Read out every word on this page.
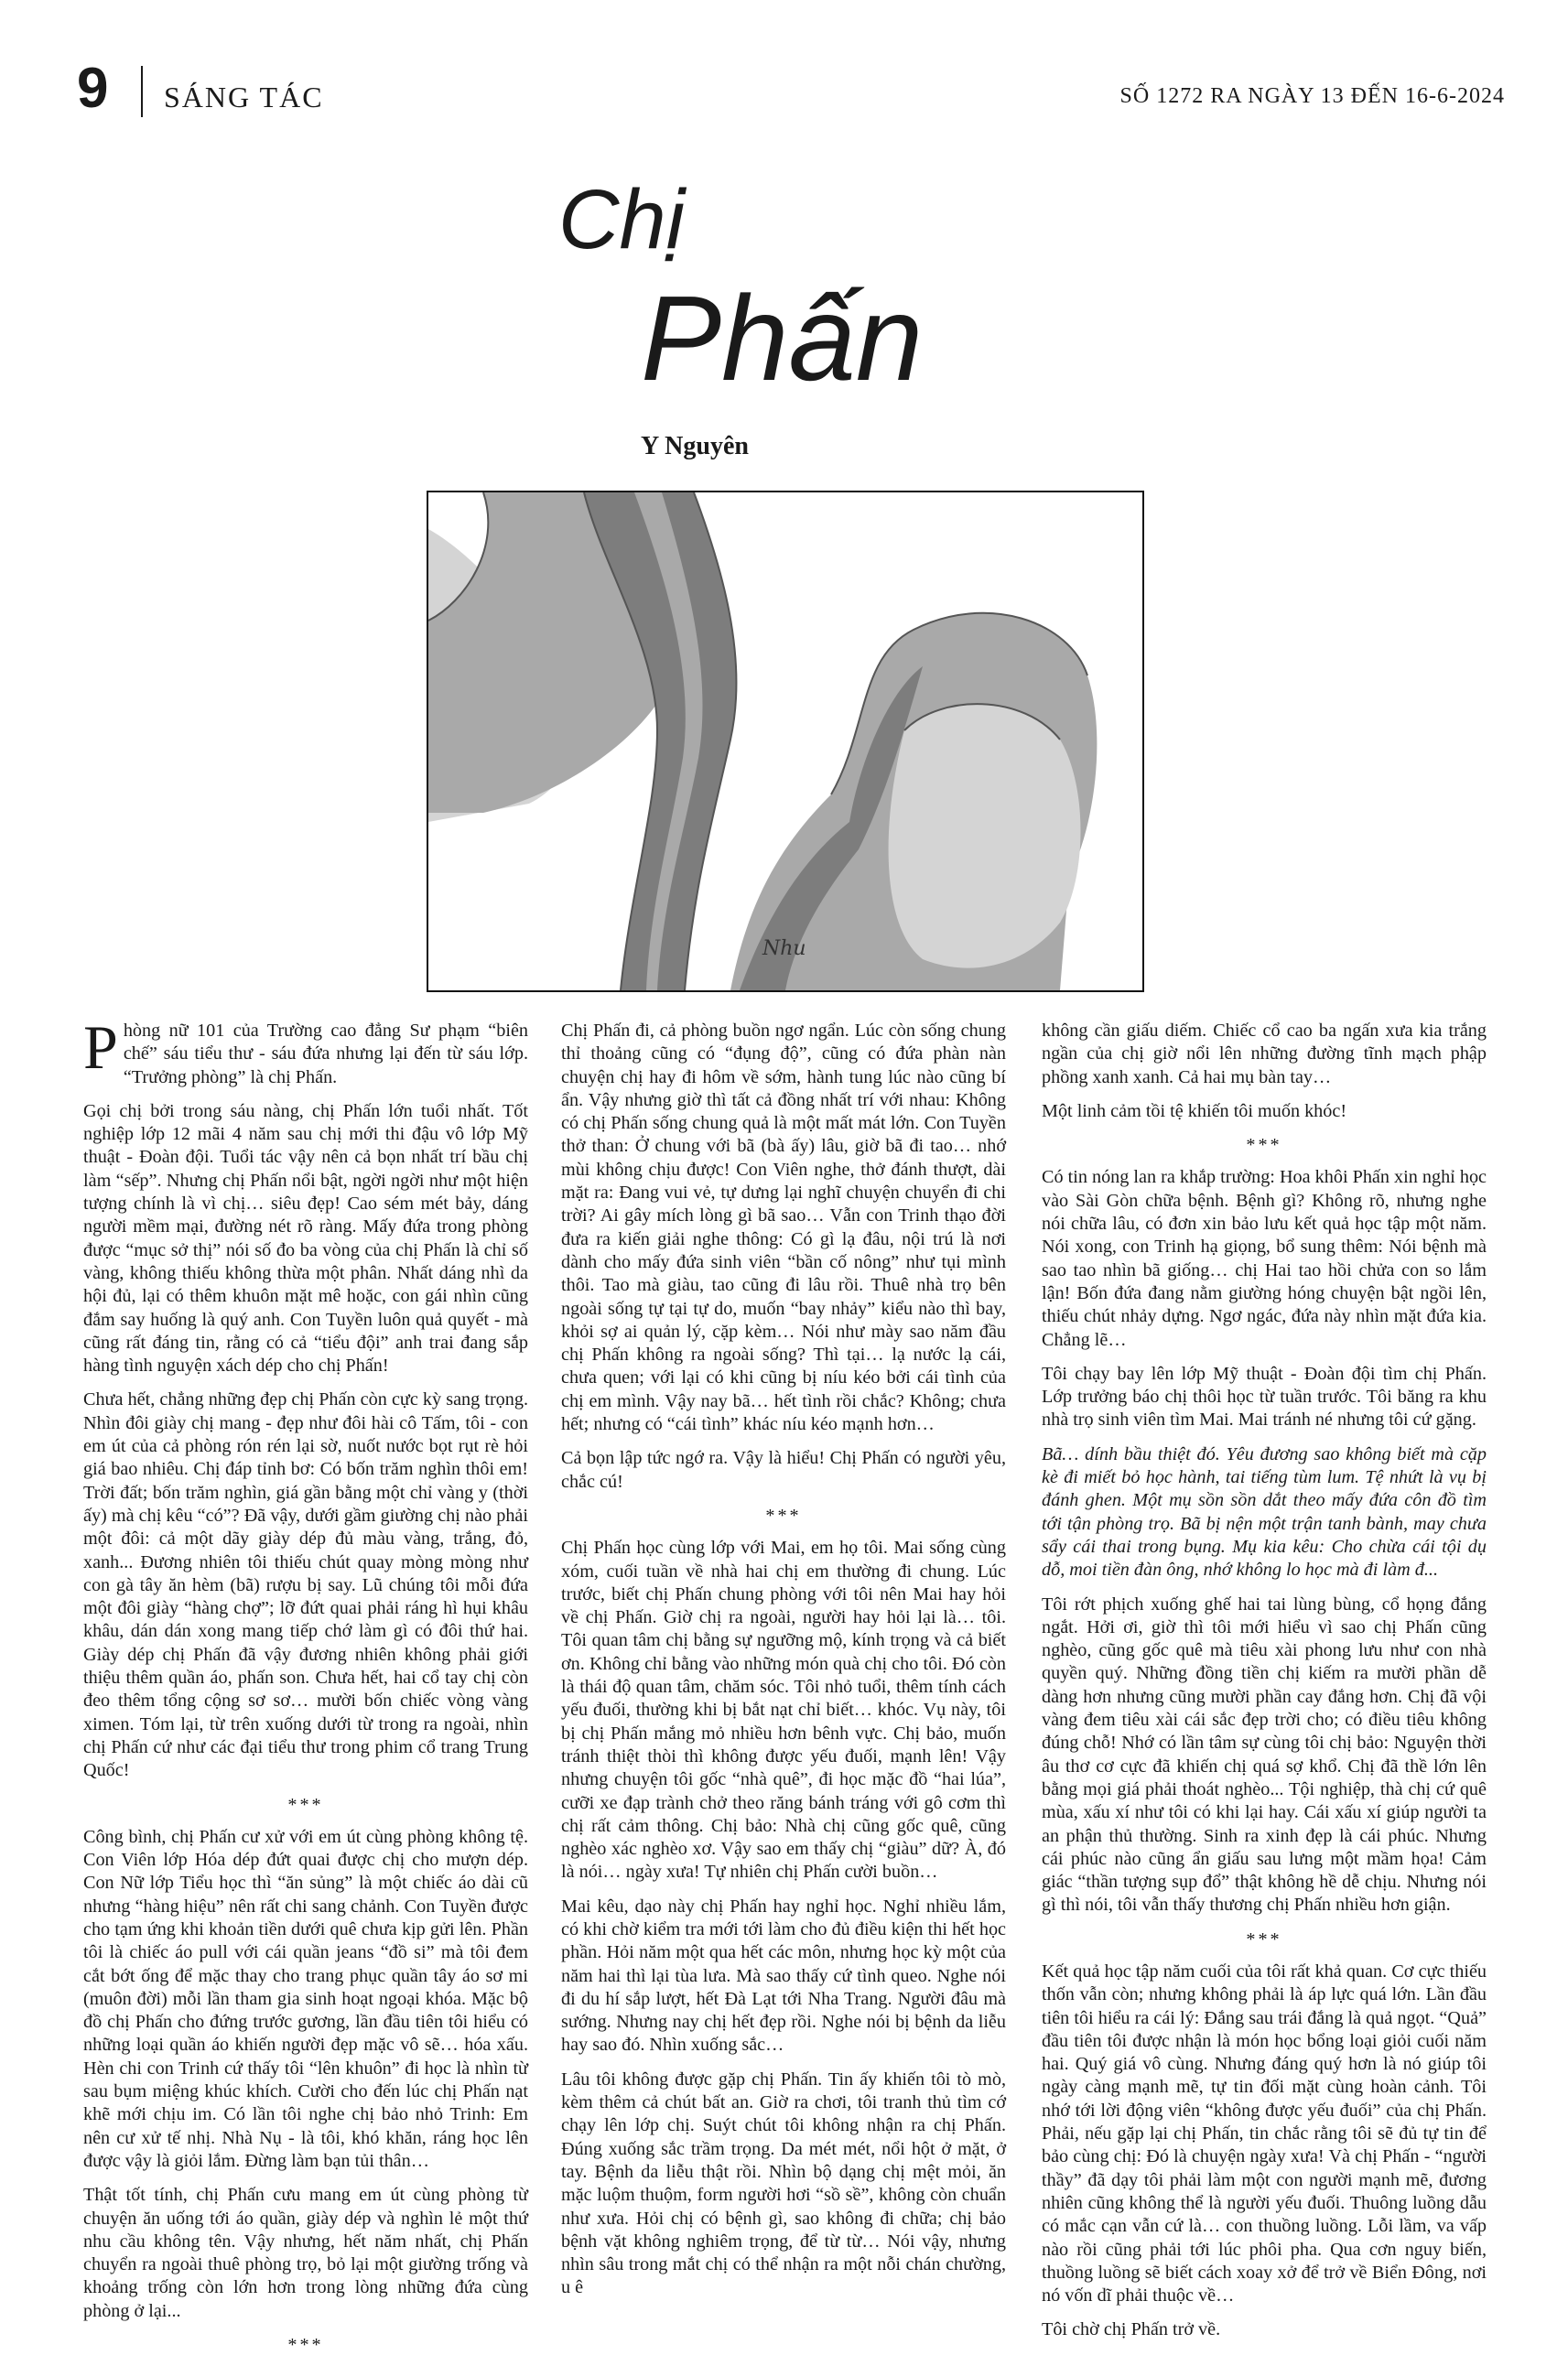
9 SÁNG TÁC	SỐ 1272 RA NGÀY 13 ĐẾN 16-6-2024
Chị
Phấn
Y Nguyên
Nhu

Phòng nữ 101 của Trường cao đẳng Sư phạm “biên chế” sáu tiểu thư - sáu đứa nhưng lại đến từ sáu lớp. “Trưởng phòng” là chị Phấn.

Gọi chị bởi trong sáu nàng, chị Phấn lớn tuổi nhất. Tốt nghiệp lớp 12 mãi 4 năm sau chị mới thi đậu vô lớp Mỹ thuật - Đoàn đội. Tuổi tác vậy nên cả bọn nhất trí bầu chị làm “sếp”. Nhưng chị Phấn nổi bật, ngời ngời như một hiện tượng chính là vì chị… siêu đẹp! Cao sém mét bảy, dáng người mềm mại, đường nét rõ ràng. Mấy đứa trong phòng được “mục sở thị” nói số đo ba vòng của chị Phấn là chỉ số vàng, không thiếu không thừa một phân. Nhất dáng nhì da hội đủ, lại có thêm khuôn mặt mê hoặc, con gái nhìn cũng đắm say huống là quý anh. Con Tuyền luôn quả quyết - mà cũng rất đáng tin, rằng có cả “tiểu đội” anh trai đang sắp hàng tình nguyện xách dép cho chị Phấn!

Chưa hết, chẳng những đẹp chị Phấn còn cực kỳ sang trọng. Nhìn đôi giày chị mang - đẹp như đôi hài cô Tấm, tôi - con em út của cả phòng rón rén lại sờ, nuốt nước bọt rụt rè hỏi giá bao nhiêu. Chị đáp tỉnh bơ: Có bốn trăm nghìn thôi em! Trời đất; bốn trăm nghìn, giá gần bằng một chỉ vàng y (thời ấy) mà chị kêu “có”? Đã vậy, dưới gầm giường chị nào phải một đôi: cả một dãy giày dép đủ màu vàng, trắng, đỏ, xanh... Đương nhiên tôi thiếu chút quay mòng mòng như con gà tây ăn hèm (bã) rượu bị say. Lũ chúng tôi mỗi đứa một đôi giày “hàng chợ”; lỡ đứt quai phải ráng hì hụi khâu khâu, dán dán xong mang tiếp chớ làm gì có đôi thứ hai. Giày dép chị Phấn đã vậy đương nhiên không phải giới thiệu thêm quần áo, phấn son. Chưa hết, hai cổ tay chị còn đeo thêm tổng cộng sơ sơ… mười bốn chiếc vòng vàng ximen. Tóm lại, từ trên xuống dưới từ trong ra ngoài, nhìn chị Phấn cứ như các đại tiểu thư trong phim cổ trang Trung Quốc!

***

Công bình, chị Phấn cư xử với em út cùng phòng không tệ. Con Viên lớp Hóa dép đứt quai được chị cho mượn dép. Con Nữ lớp Tiểu học thì “ăn sủng” là một chiếc áo dài cũ nhưng “hàng hiệu” nên rất chi sang chảnh. Con Tuyền được cho tạm ứng khi khoản tiền dưới quê chưa kịp gửi lên. Phần tôi là chiếc áo pull với cái quần jeans “đồ si” mà tôi đem cắt bớt ống để mặc thay cho trang phục quần tây áo sơ mi (muôn đời) mỗi lần tham gia sinh hoạt ngoại khóa. Mặc bộ đồ chị Phấn cho đứng trước gương, lần đầu tiên tôi hiểu có những loại quần áo khiến người đẹp mặc vô sẽ… hóa xấu. Hèn chi con Trinh cứ thấy tôi “lên khuôn” đi học là nhìn từ sau bụm miệng khúc khích. Cười cho đến lúc chị Phấn nạt khẽ mới chịu im. Có lần tôi nghe chị bảo nhỏ Trinh: Em nên cư xử tế nhị. Nhà Nụ - là tôi, khó khăn, ráng học lên được vậy là giỏi lắm. Đừng làm bạn tủi thân…

Thật tốt tính, chị Phấn cưu mang em út cùng phòng từ chuyện ăn uống tới áo quần, giày dép và nghìn lẻ một thứ nhu cầu không tên. Vậy nhưng, hết năm nhất, chị Phấn chuyển ra ngoài thuê phòng trọ, bỏ lại một giường trống và khoảng trống còn lớn hơn trong lòng những đứa cùng phòng ở lại...

***

Chị Phấn đi, cả phòng buồn ngơ ngẩn. Lúc còn sống chung thỉ thoảng cũng có “đụng độ”, cũng có đứa phàn nàn chuyện chị hay đi hôm về sớm, hành tung lúc nào cũng bí ẩn. Vậy nhưng giờ thì tất cả đồng nhất trí với nhau: Không có chị Phấn sống chung quả là một mất mát lớn. Con Tuyền thở than: Ở chung với bã (bà ấy) lâu, giờ bã đi tao… nhớ mùi không chịu được! Con Viên nghe, thở đánh thượt, dài mặt ra: Đang vui vẻ, tự dưng lại nghĩ chuyện chuyển đi chi trời? Ai gây mích lòng gì bã sao… Vẫn con Trinh thạo đời đưa ra kiến giải nghe thông: Có gì lạ đâu, nội trú là nơi dành cho mấy đứa sinh viên “bần cố nông” như tụi mình thôi. Tao mà giàu, tao cũng đi lâu rồi. Thuê nhà trọ bên ngoài sống tự tại tự do, muốn “bay nhảy” kiểu nào thì bay, khỏi sợ ai quản lý, cặp kèm… Nói như mày sao năm đầu chị Phấn không ra ngoài sống? Thì tại… lạ nước lạ cái, chưa quen; với lại có khi cũng bị níu kéo bởi cái tình của chị em mình. Vậy nay bã… hết tình rồi chắc? Không; chưa hết; nhưng có “cái tình” khác níu kéo mạnh hơn…

Cả bọn lập tức ngớ ra. Vậy là hiểu! Chị Phấn có người yêu, chắc cú!

***

Chị Phấn học cùng lớp với Mai, em họ tôi. Mai sống cùng xóm, cuối tuần về nhà hai chị em thường đi chung. Lúc trước, biết chị Phấn chung phòng với tôi nên Mai hay hỏi về chị Phấn. Giờ chị ra ngoài, người hay hỏi lại là… tôi. Tôi quan tâm chị bằng sự ngưỡng mộ, kính trọng và cả biết ơn. Không chỉ bằng vào những món quà chị cho tôi. Đó còn là thái độ quan tâm, chăm sóc. Tôi nhỏ tuổi, thêm tính cách yếu đuối, thường khi bị bắt nạt chỉ biết… khóc. Vụ này, tôi bị chị Phấn mắng mỏ nhiều hơn bênh vực. Chị bảo, muốn tránh thiệt thòi thì không được yếu đuối, mạnh lên! Vậy nhưng chuyện tôi gốc “nhà quê”, đi học mặc đồ “hai lúa”, cưỡi xe đạp trành chở theo răng bánh tráng với gô cơm thì chị rất cảm thông. Chị bảo: Nhà chị cũng gốc quê, cũng nghèo xác nghèo xơ. Vậy sao em thấy chị “giàu” dữ? À, đó là nói… ngày xưa! Tự nhiên chị Phấn cười buồn…

Mai kêu, dạo này chị Phấn hay nghỉ học. Nghỉ nhiều lắm, có khi chờ kiểm tra mới tới làm cho đủ điều kiện thi hết học phần. Hỏi năm một qua hết các môn, nhưng học kỳ một của năm hai thì lại tùa lưa. Mà sao thấy cứ tình queo. Nghe nói đi du hí sắp lượt, hết Đà Lạt tới Nha Trang. Người đâu mà sướng. Nhưng nay chị hết đẹp rồi. Nghe nói bị bệnh da liễu hay sao đó. Nhìn xuống sắc…

Lâu tôi không được gặp chị Phấn. Tin ấy khiến tôi tò mò, kèm thêm cả chút bất an. Giờ ra chơi, tôi tranh thủ tìm cớ chạy lên lớp chị. Suýt chút tôi không nhận ra chị Phấn. Đúng xuống sắc trầm trọng. Da mét mét, nổi hột ở mặt, ở tay. Bệnh da liễu thật rồi. Nhìn bộ dạng chị mệt mỏi, ăn mặc luộm thuộm, form người hơi “sồ sề”, không còn chuẩn như xưa. Hỏi chị có bệnh gì, sao không đi chữa; chị bảo bệnh vặt không nghiêm trọng, để từ từ… Nói vậy, nhưng nhìn sâu trong mắt chị có thể nhận ra một nỗi chán chường, u ê

không cần giấu diếm. Chiếc cổ cao ba ngấn xưa kia trắng ngần của chị giờ nổi lên những đường tĩnh mạch phập phồng xanh xanh. Cả hai mụ bàn tay…

Một linh cảm tồi tệ khiến tôi muốn khóc!

***

Có tin nóng lan ra khắp trường: Hoa khôi Phấn xin nghỉ học vào Sài Gòn chữa bệnh. Bệnh gì? Không rõ, nhưng nghe nói chữa lâu, có đơn xin bảo lưu kết quả học tập một năm. Nói xong, con Trinh hạ giọng, bổ sung thêm: Nói bệnh mà sao tao nhìn bã giống… chị Hai tao hồi chửa con so lắm lận! Bốn đứa đang nằm giường hóng chuyện bật ngồi lên, thiếu chút nhảy dựng. Ngơ ngác, đứa này nhìn mặt đứa kia. Chẳng lẽ…

Tôi chạy bay lên lớp Mỹ thuật - Đoàn đội tìm chị Phấn. Lớp trưởng báo chị thôi học từ tuần trước. Tôi băng ra khu nhà trọ sinh viên tìm Mai. Mai tránh né nhưng tôi cứ gặng.

Bã… dính bầu thiệt đó. Yêu đương sao không biết mà cặp kè đi miết bỏ học hành, tai tiếng tùm lum. Tệ nhứt là vụ bị đánh ghen. Một mụ sồn sồn dắt theo mấy đứa côn đồ tìm tới tận phòng trọ. Bã bị nện một trận tanh bành, may chưa sẩy cái thai trong bụng. Mụ kia kêu: Cho chừa cái tội dụ dỗ, moi tiền đàn ông, nhớ không lo học mà đi làm đ...

Tôi rớt phịch xuống ghế hai tai lùng bùng, cổ họng đắng ngắt. Hởi ơi, giờ thì tôi mới hiểu vì sao chị Phấn cũng nghèo, cũng gốc quê mà tiêu xài phong lưu như con nhà quyền quý. Những đồng tiền chị kiếm ra mười phần dễ dàng hơn nhưng cũng mười phần cay đắng hơn. Chị đã vội vàng đem tiêu xài cái sắc đẹp trời cho; có điều tiêu không đúng chỗ! Nhớ có lần tâm sự cùng tôi chị bảo: Nguyện thời âu thơ cơ cực đã khiến chị quá sợ khổ. Chị đã thề lớn lên bằng mọi giá phải thoát nghèo... Tội nghiệp, thà chị cứ quê mùa, xấu xí như tôi có khi lại hay. Cái xấu xí giúp người ta an phận thủ thường. Sinh ra xinh đẹp là cái phúc. Nhưng cái phúc nào cũng ẩn giấu sau lưng một mầm họa! Cảm giác “thần tượng sụp đổ” thật không hề dễ chịu. Nhưng nói gì thì nói, tôi vẫn thấy thương chị Phấn nhiều hơn giận.

***

Kết quả học tập năm cuối của tôi rất khả quan. Cơ cực thiếu thốn vẫn còn; nhưng không phải là áp lực quá lớn. Lần đầu tiên tôi hiểu ra cái lý: Đắng sau trái đắng là quả ngọt. “Quả” đầu tiên tôi được nhận là món học bổng loại giỏi cuối năm hai. Quý giá vô cùng. Nhưng đáng quý hơn là nó giúp tôi ngày càng mạnh mẽ, tự tin đối mặt cùng hoàn cảnh. Tôi nhớ tới lời động viên “không được yếu đuối” của chị Phấn. Phải, nếu gặp lại chị Phấn, tin chắc rằng tôi sẽ đủ tự tin để bảo cùng chị: Đó là chuyện ngày xưa! Và chị Phấn - “người thầy” đã dạy tôi phải làm một con người mạnh mẽ, đương nhiên cũng không thể là người yếu đuối. Thuông luồng dẫu có mắc cạn vẫn cứ là… con thuồng luồng. Lỗi lầm, va vấp nào rồi cũng phải tới lúc phôi pha. Qua cơn nguy biến, thuồng luồng sẽ biết cách xoay xở để trở về Biển Đông, nơi nó vốn dĩ phải thuộc về…

Tôi chờ chị Phấn trở về.
